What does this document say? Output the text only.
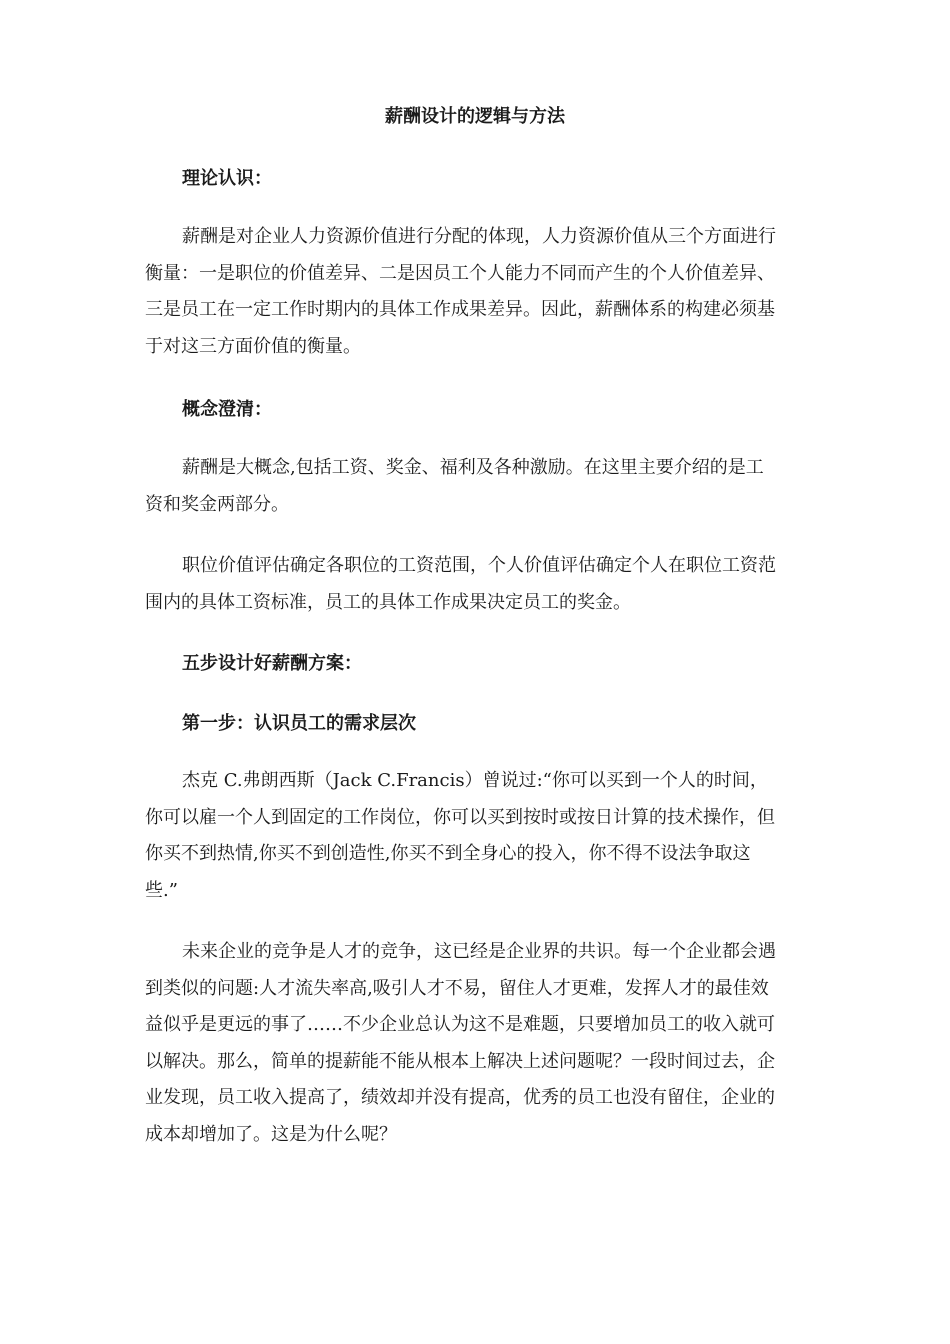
薪酬设计的逻辑与方法
理论认识：
薪酬是对企业人力资源价值进行分配的体现，人力资源价值从三个方面进行
衡量：一是职位的价值差异、二是因员工个人能力不同而产生的个人价值差异、
三是员工在一定工作时期内的具体工作成果差异。因此，薪酬体系的构建必须基
于对这三方面价值的衡量。
概念澄清：
薪酬是大概念,包括工资、奖金、福利及各种激励。在这里主要介绍的是工
资和奖金两部分。
职位价值评估确定各职位的工资范围，个人价值评估确定个人在职位工资范
围内的具体工资标准，员工的具体工作成果决定员工的奖金。
五步设计好薪酬方案：
第一步：认识员工的需求层次
杰克 C.弗朗西斯（Jack C.Francis）曾说过:“你可以买到一个人的时间，
你可以雇一个人到固定的工作岗位，你可以买到按时或按日计算的技术操作，但
你买不到热情,你买不到创造性,你买不到全身心的投入，你不得不设法争取这
些.”
未来企业的竞争是人才的竞争，这已经是企业界的共识。每一个企业都会遇
到类似的问题:人才流失率高,吸引人才不易，留住人才更难，发挥人才的最佳效
益似乎是更远的事了……不少企业总认为这不是难题，只要增加员工的收入就可
以解决。那么，简单的提薪能不能从根本上解决上述问题呢？一段时间过去，企
业发现，员工收入提高了，绩效却并没有提高，优秀的员工也没有留住，企业的
成本却增加了。这是为什么呢？
